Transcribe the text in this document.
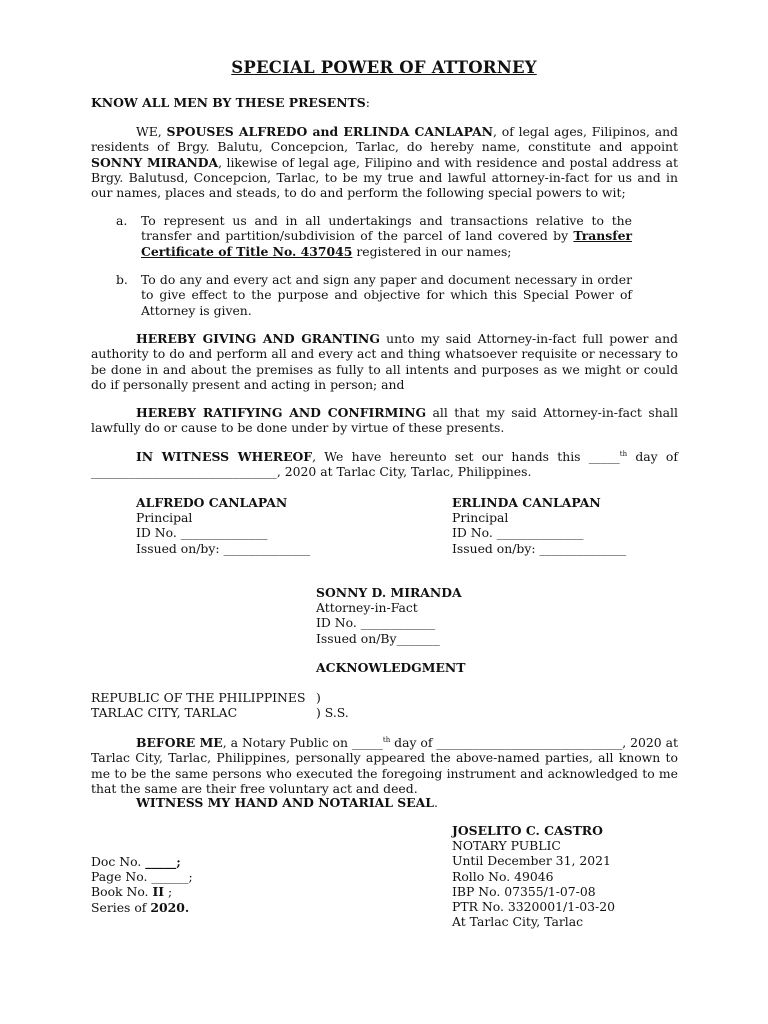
SPECIAL POWER OF ATTORNEY
KNOW ALL MEN BY THESE PRESENTS:
WE, SPOUSES ALFREDO and ERLINDA CANLAPAN, of legal ages, Filipinos, and residents of Brgy. Balutu, Concepcion, Tarlac, do hereby name, constitute and appoint SONNY MIRANDA, likewise of legal age, Filipino and with residence and postal address at Brgy. Balutusd, Concepcion, Tarlac, to be my true and lawful attorney-in-fact for us and in our names, places and steads, to do and perform the following special powers to wit;
a. To represent us and in all undertakings and transactions relative to the transfer and partition/subdivision of the parcel of land covered by Transfer Certificate of Title No. 437045 registered in our names;
b. To do any and every act and sign any paper and document necessary in order to give effect to the purpose and objective for which this Special Power of Attorney is given.
HEREBY GIVING AND GRANTING unto my said Attorney-in-fact full power and authority to do and perform all and every act and thing whatsoever requisite or necessary to be done in and about the premises as fully to all intents and purposes as we might or could do if personally present and acting in person; and
HEREBY RATIFYING AND CONFIRMING all that my said Attorney-in-fact shall lawfully do or cause to be done under by virtue of these presents.
IN WITNESS WHEREOF, We have hereunto set our hands this _____$^{th}$ day of
______________________________, 2020 at Tarlac City, Tarlac, Philippines.
ALFREDO CANLAPAN
Principal
ID No. ______________
Issued on/by: ______________
ERLINDA CANLAPAN
Principal
ID No. ______________
Issued on/by: ______________
SONNY D. MIRANDA
Attorney-in-Fact
ID No. ____________
Issued on/By_______
ACKNOWLEDGMENT
REPUBLIC OF THE PHILIPPINES )
TARLAC CITY, TARLAC	) S.S.
BEFORE ME, a Notary Public on _____$^{th}$ day of ______________________________, 2020 at Tarlac City, Tarlac, Philippines, personally appeared the above-named parties, all known to me to be the same persons who executed the foregoing instrument and acknowledged to me that the same are their free voluntary act and deed.
WITNESS MY HAND AND NOTARIAL SEAL.
JOSELITO C. CASTRO
NOTARY PUBLIC
Until December 31, 2021
Rollo No. 49046
IBP No. 07355/1-07-08
PTR No. 3320001/1-03-20
At Tarlac City, Tarlac
Doc No. _____;
Page No. ______;
Book No. II ;
Series of 2020.
